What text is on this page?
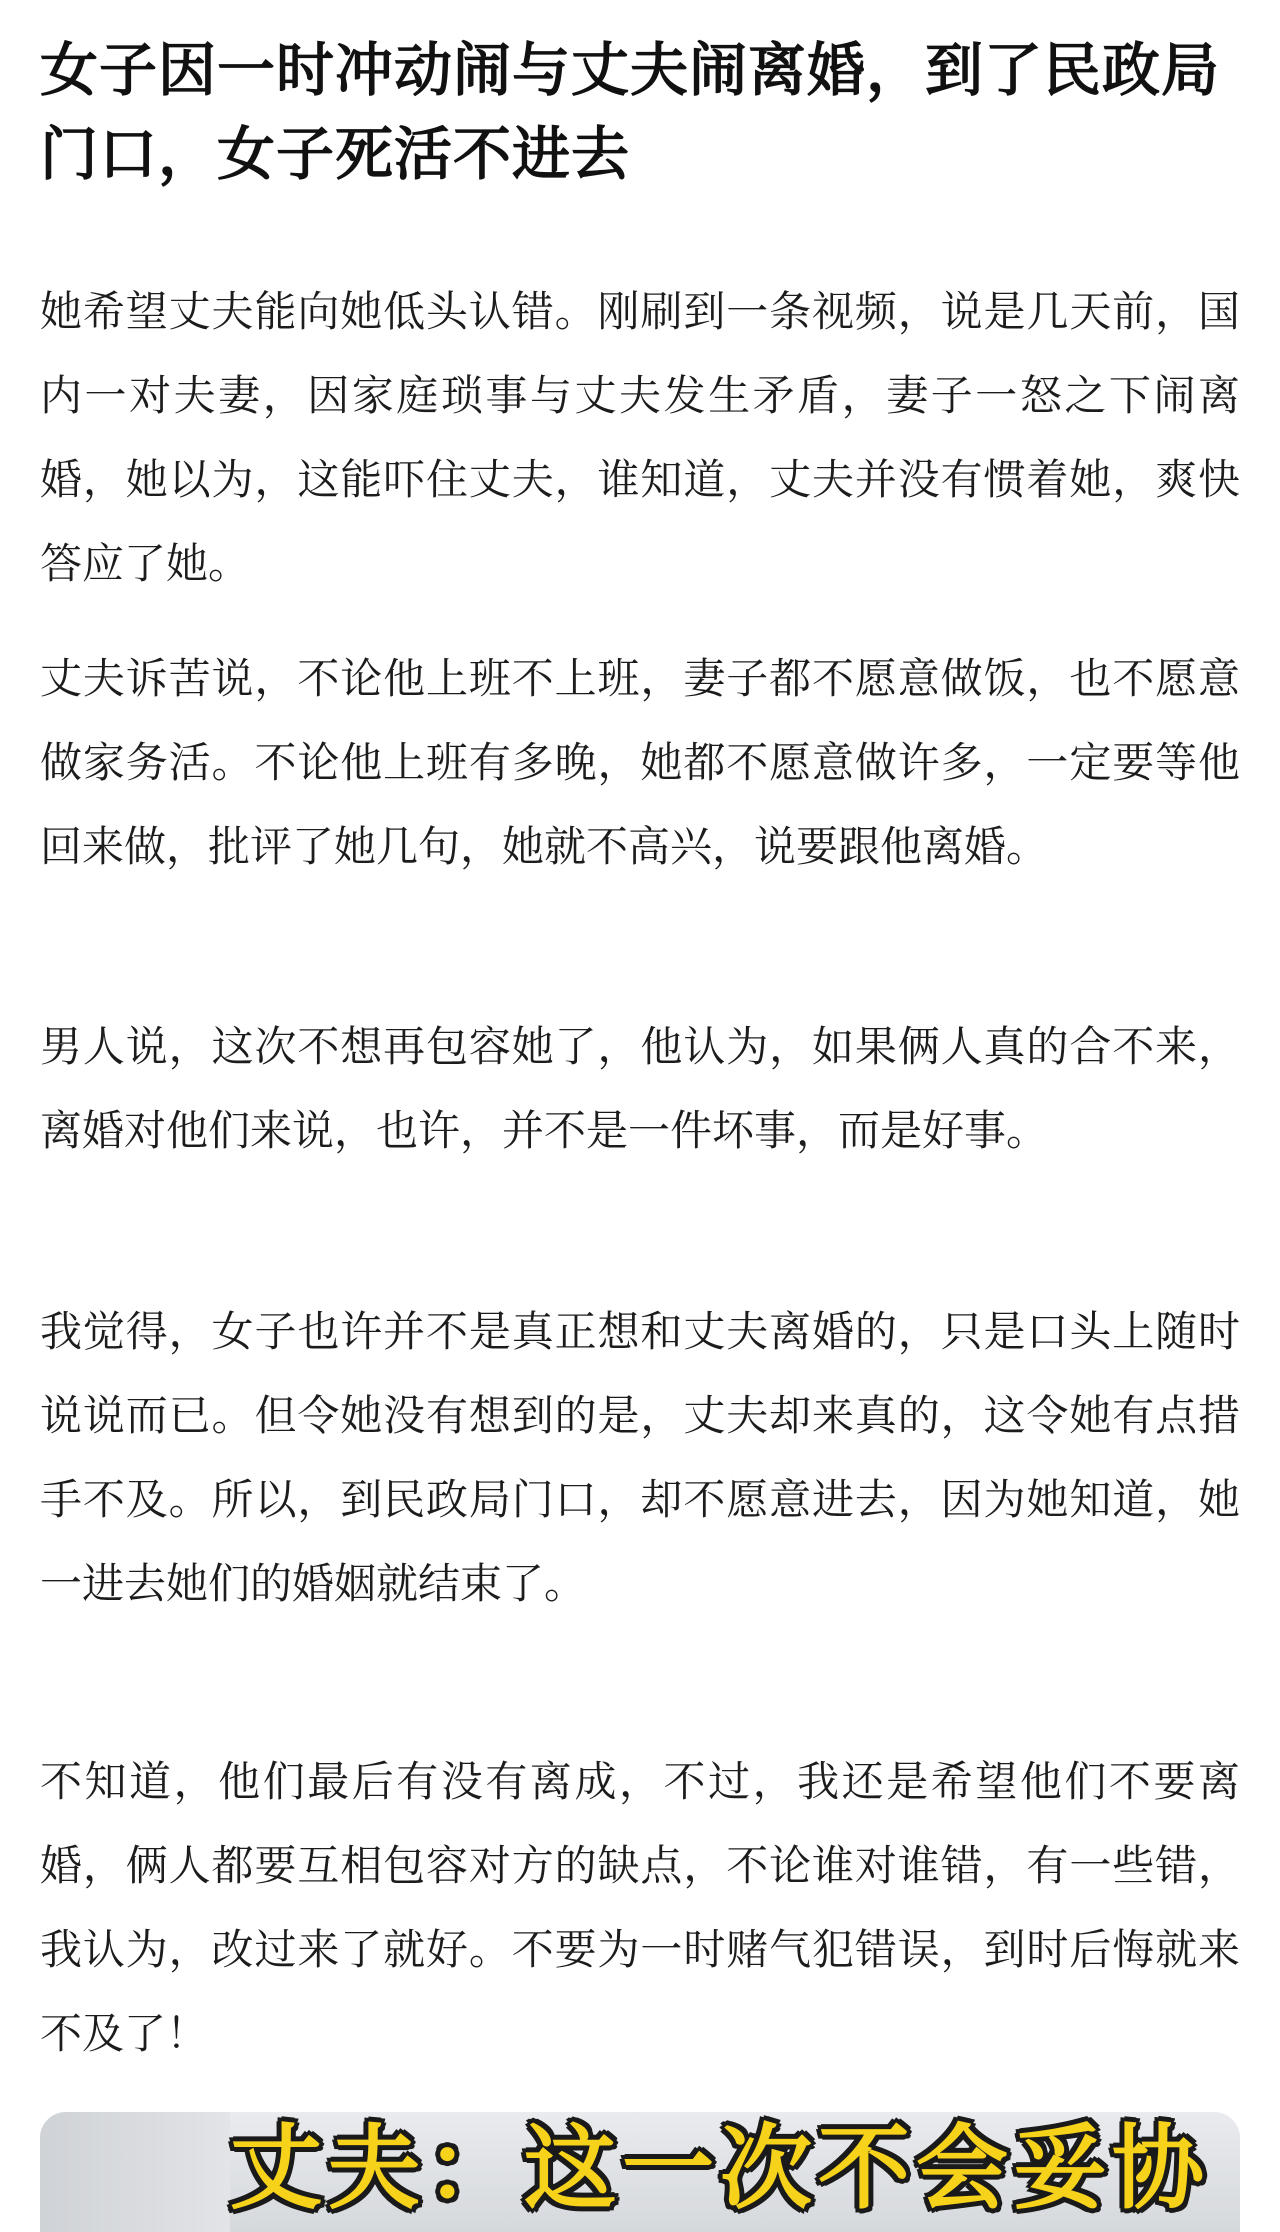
女子因一时冲动闹与丈夫闹离婚，到了民政局门口，女子死活不进去

她希望丈夫能向她低头认错。刚刷到一条视频，说是几天前，国内一对夫妻，因家庭琐事与丈夫发生矛盾，妻子一怒之下闹离婚，她以为，这能吓住丈夫，谁知道，丈夫并没有惯着她，爽快答应了她。

丈夫诉苦说，不论他上班不上班，妻子都不愿意做饭，也不愿意做家务活。不论他上班有多晚，她都不愿意做许多，一定要等他回来做，批评了她几句，她就不高兴，说要跟他离婚。

男人说，这次不想再包容她了，他认为，如果俩人真的合不来，离婚对他们来说，也许，并不是一件坏事，而是好事。

我觉得，女子也许并不是真正想和丈夫离婚的，只是口头上随时说说而已。但令她没有想到的是，丈夫却来真的，这令她有点措手不及。所以，到民政局门口，却不愿意进去，因为她知道，她一进去她们的婚姻就结束了。

不知道，他们最后有没有离成，不过，我还是希望他们不要离婚，俩人都要互相包容对方的缺点，不论谁对谁错，有一些错，我认为，改过来了就好。不要为一时赌气犯错误，到时后悔就来不及了！

丈夫：这一次不会妥协
